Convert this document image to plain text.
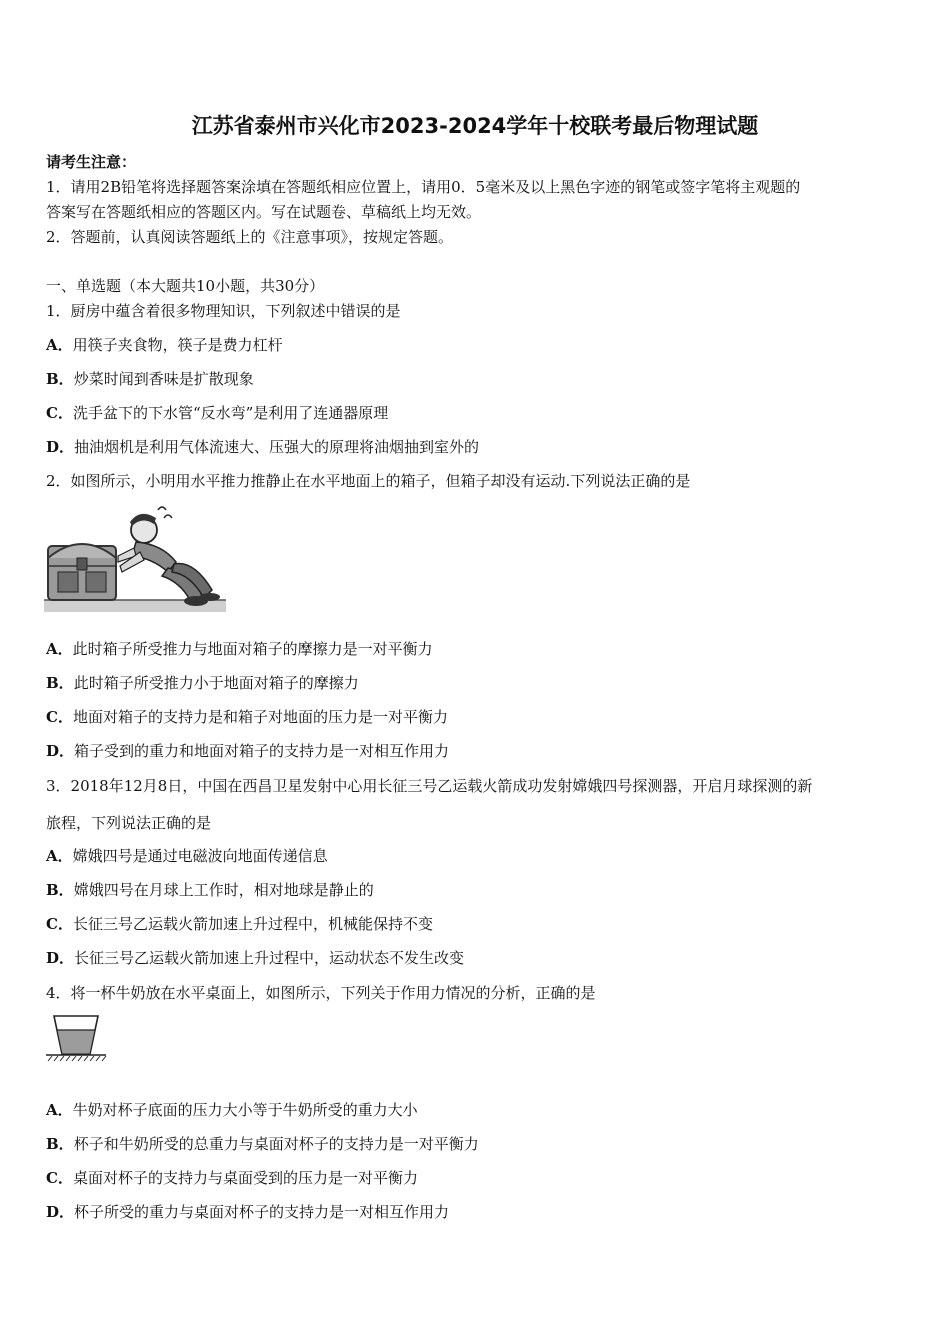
江苏省泰州市兴化市2023-2024学年十校联考最后物理试题
请考生注意：
1．请用2B铅笔将选择题答案涂填在答题纸相应位置上，请用0．5毫米及以上黑色字迹的钢笔或签字笔将主观题的
答案写在答题纸相应的答题区内。写在试题卷、草稿纸上均无效。
2．答题前，认真阅读答题纸上的《注意事项》，按规定答题。
一、单选题（本大题共10小题，共30分）
1．厨房中蕴含着很多物理知识，下列叙述中错误的是
A．用筷子夹食物，筷子是费力杠杆
B．炒菜时闻到香味是扩散现象
C．洗手盆下的下水管“反水弯”是利用了连通器原理
D．抽油烟机是利用气体流速大、压强大的原理将油烟抽到室外的
2．如图所示，小明用水平推力推静止在水平地面上的箱子，但箱子却没有运动.下列说法正确的是
A．此时箱子所受推力与地面对箱子的摩擦力是一对平衡力
B．此时箱子所受推力小于地面对箱子的摩擦力
C．地面对箱子的支持力是和箱子对地面的压力是一对平衡力
D．箱子受到的重力和地面对箱子的支持力是一对相互作用力
3．2018年12月8日，中国在西昌卫星发射中心用长征三号乙运载火箭成功发射嫦娥四号探测器，开启月球探测的新
旅程，下列说法正确的是
A．嫦娥四号是通过电磁波向地面传递信息
B．嫦娥四号在月球上工作时，相对地球是静止的
C．长征三号乙运载火箭加速上升过程中，机械能保持不变
D．长征三号乙运载火箭加速上升过程中，运动状态不发生改变
4．将一杯牛奶放在水平桌面上，如图所示，下列关于作用力情况的分析，正确的是
A．牛奶对杯子底面的压力大小等于牛奶所受的重力大小
B．杯子和牛奶所受的总重力与桌面对杯子的支持力是一对平衡力
C．桌面对杯子的支持力与桌面受到的压力是一对平衡力
D．杯子所受的重力与桌面对杯子的支持力是一对相互作用力
